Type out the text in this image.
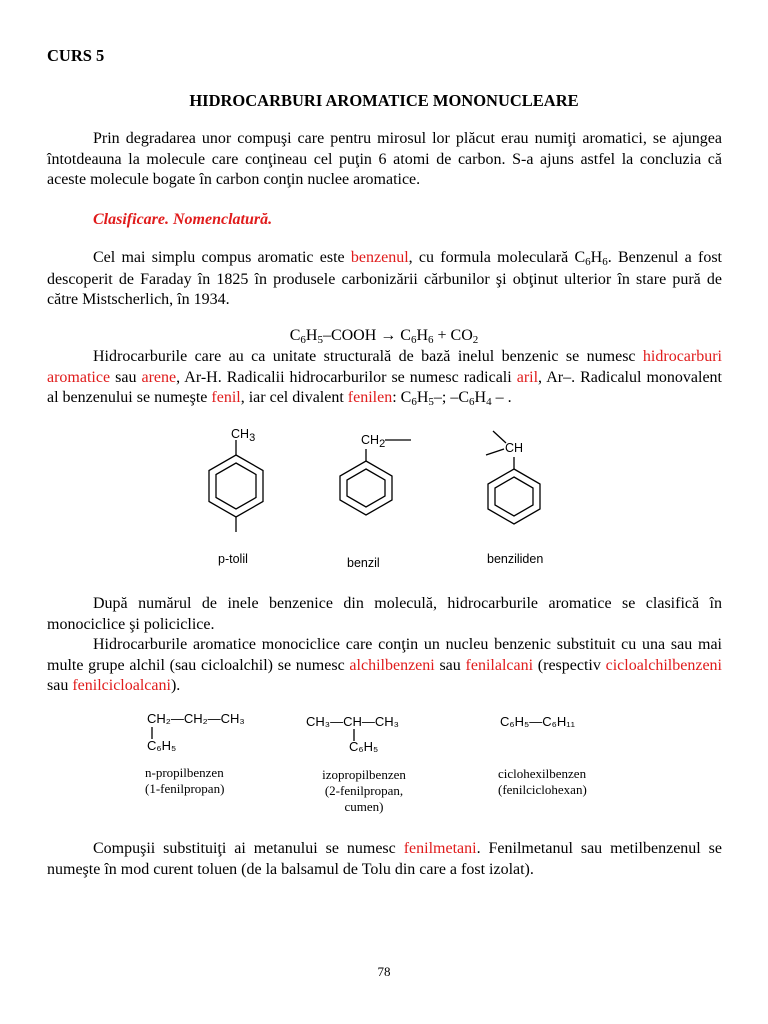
CURS 5
HIDROCARBURI AROMATICE MONONUCLEARE
Prin degradarea unor compuşi care pentru mirosul lor plăcut erau numiţi aromatici, se ajungea întotdeauna la molecule care conţineau cel puţin 6 atomi de carbon. S-a ajuns astfel la concluzia că aceste molecule bogate în carbon conţin nuclee aromatice.
Clasificare. Nomenclatură.
Cel mai simplu compus aromatic este benzenul, cu formula moleculară C6H6. Benzenul a fost descoperit de Faraday în 1825 în produsele carbonizării cărbunilor şi obţinut ulterior în stare pură de către Mistscherlich, în 1934.
C6H5–COOH → C6H6 + CO2
Hidrocarburile care au ca unitate structurală de bază inelul benzenic se numesc hidrocarburi aromatice sau arene, Ar-H. Radicalii hidrocarburilor se numesc radicali aril, Ar–. Radicalul monovalent al benzenului se numeşte fenil, iar cel divalent fenilen: C6H5–; –C6H4 – .
CH3
p-tolil
CH2
benzil
CH
benziliden
După numărul de inele benzenice din moleculă, hidrocarburile aromatice se clasifică în monociclice şi policiclice.
Hidrocarburile aromatice monociclice care conţin un nucleu benzenic substituit cu una sau mai multe grupe alchil (sau cicloalchil) se numesc alchilbenzeni sau fenilalcani (respectiv cicloalchilbenzeni sau fenilcicloalcani).
CH₂—CH₂—CH₃
C₆H₅
n-propilbenzen
(1-fenilpropan)
CH₃—CH—CH₃
C₆H₅
izopropilbenzen
(2-fenilpropan,
cumen)
C₆H₅—C₆H₁₁
ciclohexilbenzen
(fenilciclohexan)
Compuşii substituiţi ai metanului se numesc fenilmetani. Fenilmetanul sau metilbenzenul se numeşte în mod curent toluen (de la balsamul de Tolu din care a fost izolat).
78
